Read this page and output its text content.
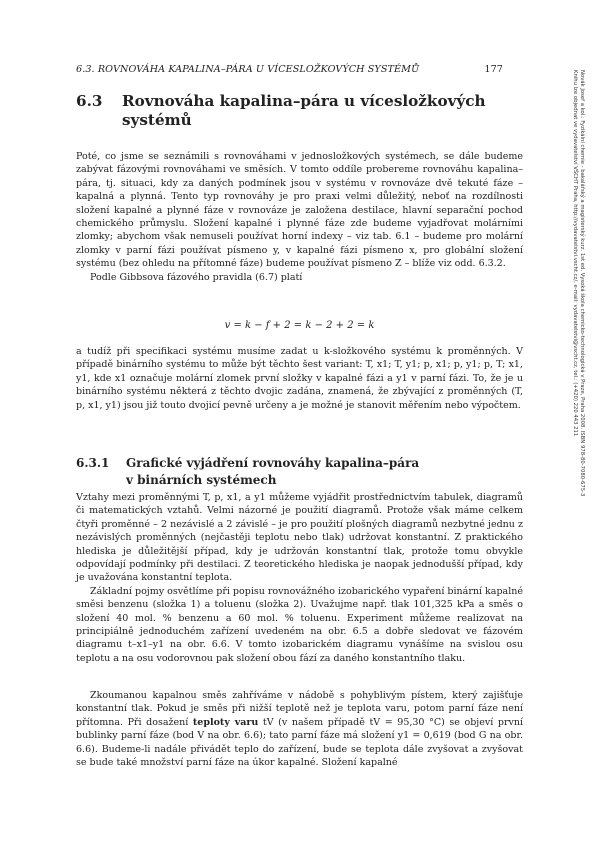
6.3. ROVNOVÁHA KAPALINA–PÁRA U VÍCESLOŽKOVÝCH SYSTÉMŮ	177
Novák Josef a kol.: Fyzikální chemie - bakalářský a magisterský kurz. 1st ed. Vysoká škola chemicko-technologická v Praze, Praha 2008. ISBN 978-80-7080-675-3
Knihu lze objednat ve vydavatelství VŠCHT Praha, http://vydavatelstvi.vscht.cz/, e-mail: vydavatelstvi@vscht.cz, tel.: (+420) 220 443 211
6.3 Rovnováha kapalina–pára u vícesložkových
systémů

Poté, co jsme se seznámili s rovnováhami v jednosložkových systémech, se dále budeme zabývat fázovými rovnováhami ve směsích. V tomto oddíle probereme rovnováhu kapalina–pára, tj. situaci, kdy za daných podmínek jsou v systému v rovnováze dvě tekuté fáze – kapalná a plynná. Tento typ rovnováhy je pro praxi velmi důležitý, neboť na rozdílnosti složení kapalné a plynné fáze v rovnováze je založena destilace, hlavní separační pochod chemického průmyslu. Složení kapalné i plynné fáze zde budeme vyjadřovat molárními zlomky; abychom však nemuseli používat horní indexy – viz tab. 6.1 – budeme pro molární zlomky v parní fázi používat písmeno y, v kapalné fázi písmeno x, pro globální složení systému (bez ohledu na přítomné fáze) budeme používat písmeno Z – blíže viz odd. 6.3.2.

Podle Gibbsova fázového pravidla (6.7) platí

v = k − f + 2 = k − 2 + 2 = k

a tudíž při specifikaci systému musíme zadat u k-složkového systému k proměnných. V případě binárního systému to může být těchto šest variant: T, x1; T, y1; p, x1; p, y1; p, T; x1, y1, kde x1 označuje molární zlomek první složky v kapalné fázi a y1 v parní fázi. To, že je u binárního systému některá z těchto dvojic zadána, znamená, že zbývající z proměnných (T, p, x1, y1) jsou již touto dvojicí pevně určeny a je možné je stanovit měřením nebo výpočtem.

6.3.1 Grafické vyjádření rovnováhy kapalina–pára
v binárních systémech

Vztahy mezi proměnnými T, p, x1, a y1 můžeme vyjádřit prostřednictvím tabulek, diagramů či matematických vztahů. Velmi názorné je použití diagramů. Protože však máme celkem čtyři proměnné – 2 nezávislé a 2 závislé – je pro použití plošných diagramů nezbytné jednu z nezávislých proměnných (nejčastěji teplotu nebo tlak) udržovat konstantní. Z praktického hlediska je důležitější případ, kdy je udržován konstantní tlak, protože tomu obvykle odpovídají podmínky při destilaci. Z teoretického hlediska je naopak jednodušší případ, kdy je uvažována konstantní teplota.

Základní pojmy osvětlíme při popisu rovnovážného izobarického vypaření binární kapalné směsi benzenu (složka 1) a toluenu (složka 2). Uvažujme např. tlak 101,325 kPa a směs o složení 40 mol. % benzenu a 60 mol. % toluenu. Experiment můžeme realizovat na principiálně jednoduchém zařízení uvedeném na obr. 6.5 a dobře sledovat ve fázovém diagramu t–x1–y1 na obr. 6.6. V tomto izobarickém diagramu vynášíme na svislou osu teplotu a na osu vodorovnou pak složení obou fází za daného konstantního tlaku.

Zkoumanou kapalnou směs zahříváme v nádobě s pohyblivým pístem, který zajišťuje konstantní tlak. Pokud je směs při nižší teplotě než je teplota varu, potom parní fáze není přítomna. Při dosažení teploty varu tV (v našem případě tV = 95,30 °C) se objeví první bublinky parní fáze (bod V na obr. 6.6); tato parní fáze má složení y1 = 0,619 (bod G na obr. 6.6). Budeme-li nadále přivádět teplo do zařízení, bude se teplota dále zvyšovat a zvyšovat se bude také množství parní fáze na úkor kapalné. Složení kapalné
